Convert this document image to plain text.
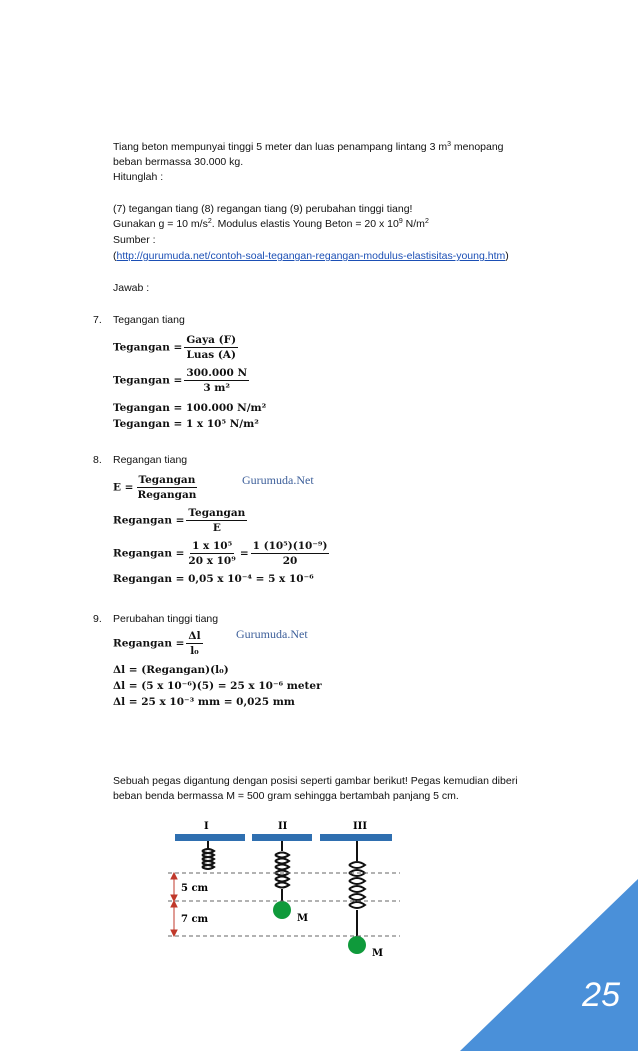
Tiang beton mempunyai tinggi 5 meter dan luas penampang lintang 3 $m^3$ menopang
beban bermassa 30.000 kg.
Hitunglah :
(7) tegangan tiang (8) regangan tiang (9) perubahan tinggi tiang!
Gunakan g = 10 $m/s^2$. Modulus elastis Young Beton = 20 x $10^9$ $N/m^2$
Sumber :
(http://gurumuda.net/contoh-soal-tegangan-regangan-modulus-elastisitas-young.htm)
Jawab :
7. Tegangan tiang
Tegangan = $\frac{\text{Gaya (F)}}{\text{Luas (A)}}$
Tegangan = $\frac{300.000 N}{\text{3 m²}}$
Tegangan = 100.000 N/m²
Tegangan = 1 x 10⁵ N/m²
8. Regangan tiang
Gurumuda.Net
$E = \frac{\text{Tegangan}}{\text{Regangan}}$
Regangan = $\frac{\text{Tegangan}}{E}$
Regangan = $\frac{\text{1 x 10⁵}}{\text{20 x 10⁹}} = \frac{\text{1 (10⁵)(10⁻⁹)}}{20}$
Regangan = 0,05 x 10⁻⁴ = 5 x 10⁻⁶
9. Perubahan tinggi tiang
Gurumuda.Net
Regangan = $\frac{\Delta l}{\text{l₀}}$
Δl = (Regangan)(l₀)
Δl = (5 x 10⁻⁶)(5) = 25 x 10⁻⁶ meter
Δl = 25 x 10⁻³ mm = 0,025 mm
Sebuah pegas digantung dengan posisi seperti gambar berikut! Pegas kemudian diberi
beban benda bermassa M = 500 gram sehingga bertambah panjang 5 cm.
I	II	III
M
M
5 cm
7 cm
25
